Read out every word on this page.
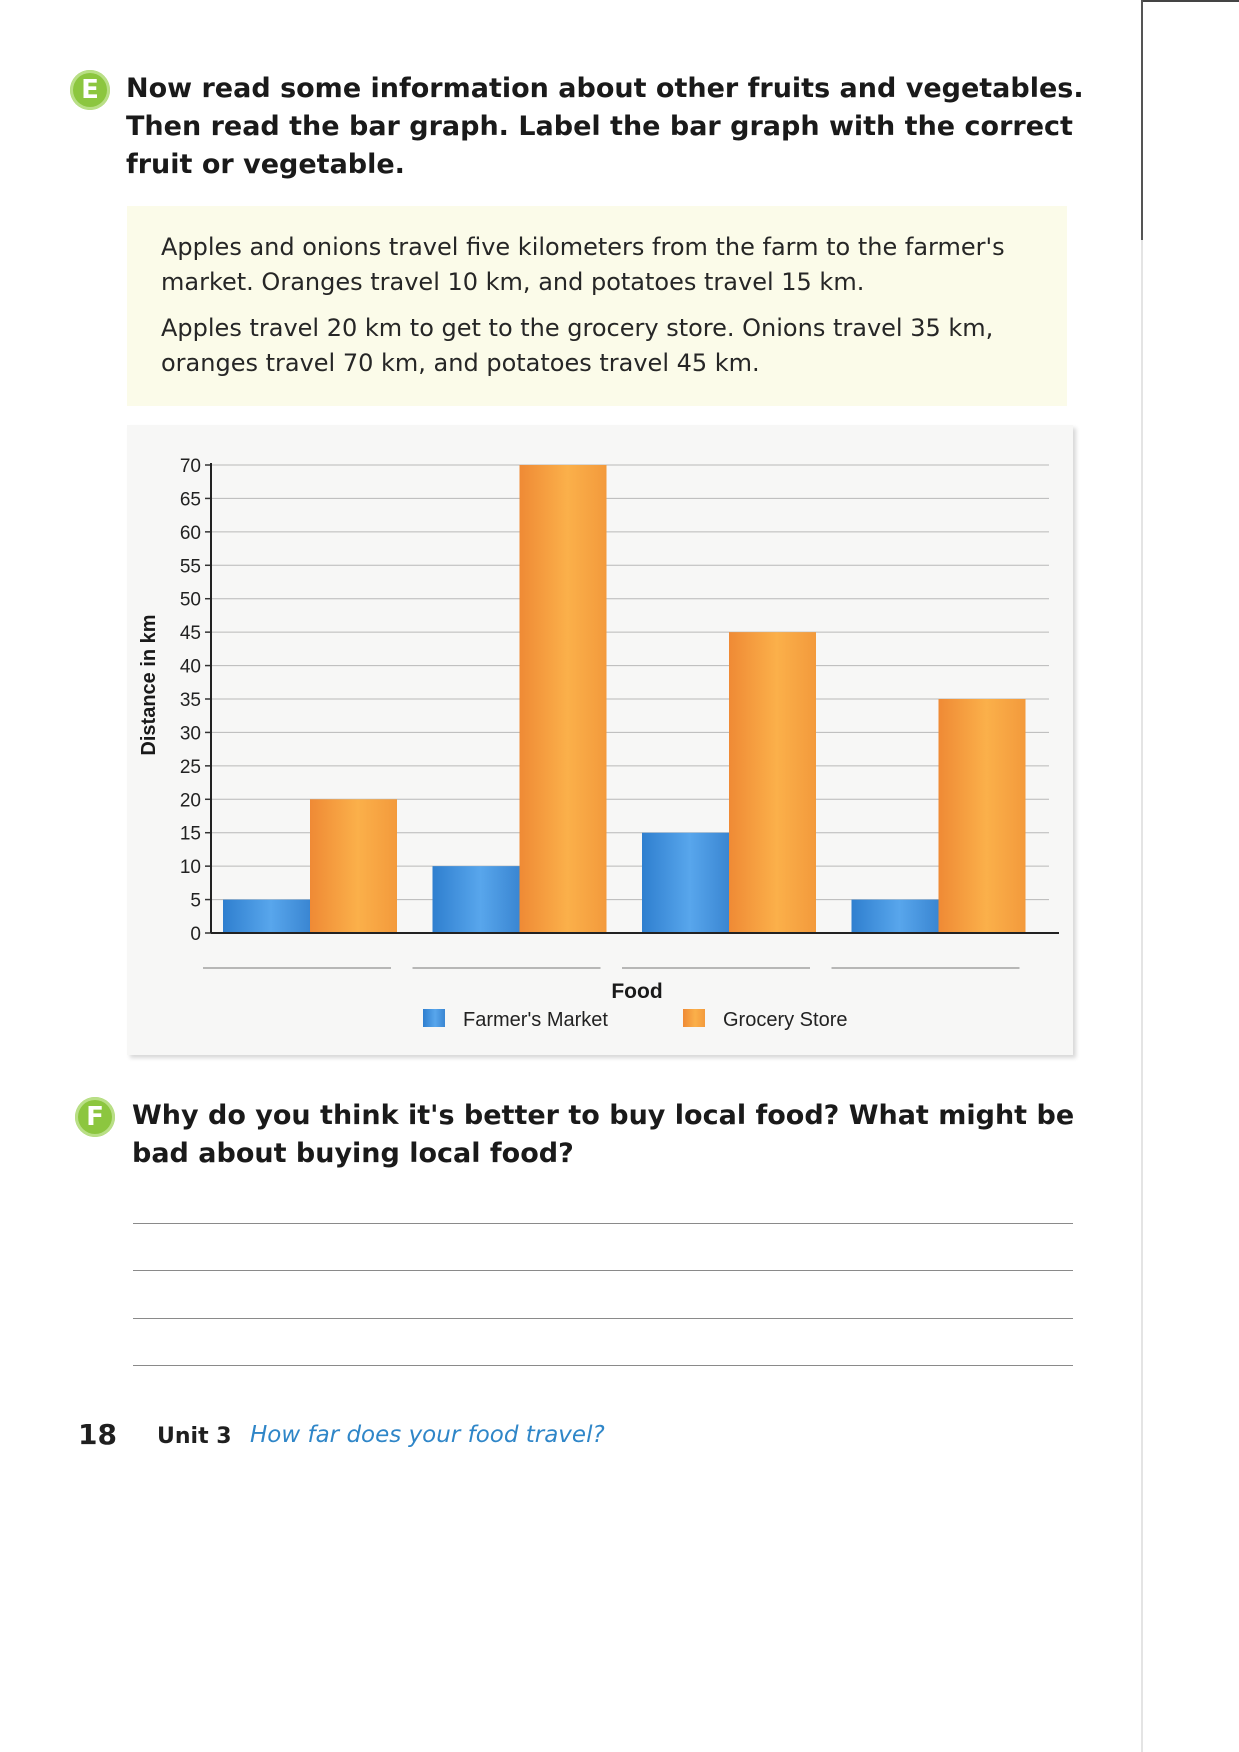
E	Now read some information about other fruits and vegetables.
Then read the bar graph. Label the bar graph with the correct
fruit or vegetable.

Apples and onions travel five kilometers from the farm to the farmer's

market. Oranges travel 10 km, and potatoes travel 15 km.

Apples travel 20 km to get to the grocery store. Onions travel 35 km,

oranges travel 70 km, and potatoes travel 45 km.

0
5
10
15
20
25
30
35
40
45
50
55
60
65
70
Distance in km
Food
Farmer's Market	Grocery Store
F	Why do you think it's better to buy local food? What might be
bad about buying local food?
18 Unit 3 How far does your food travel?
